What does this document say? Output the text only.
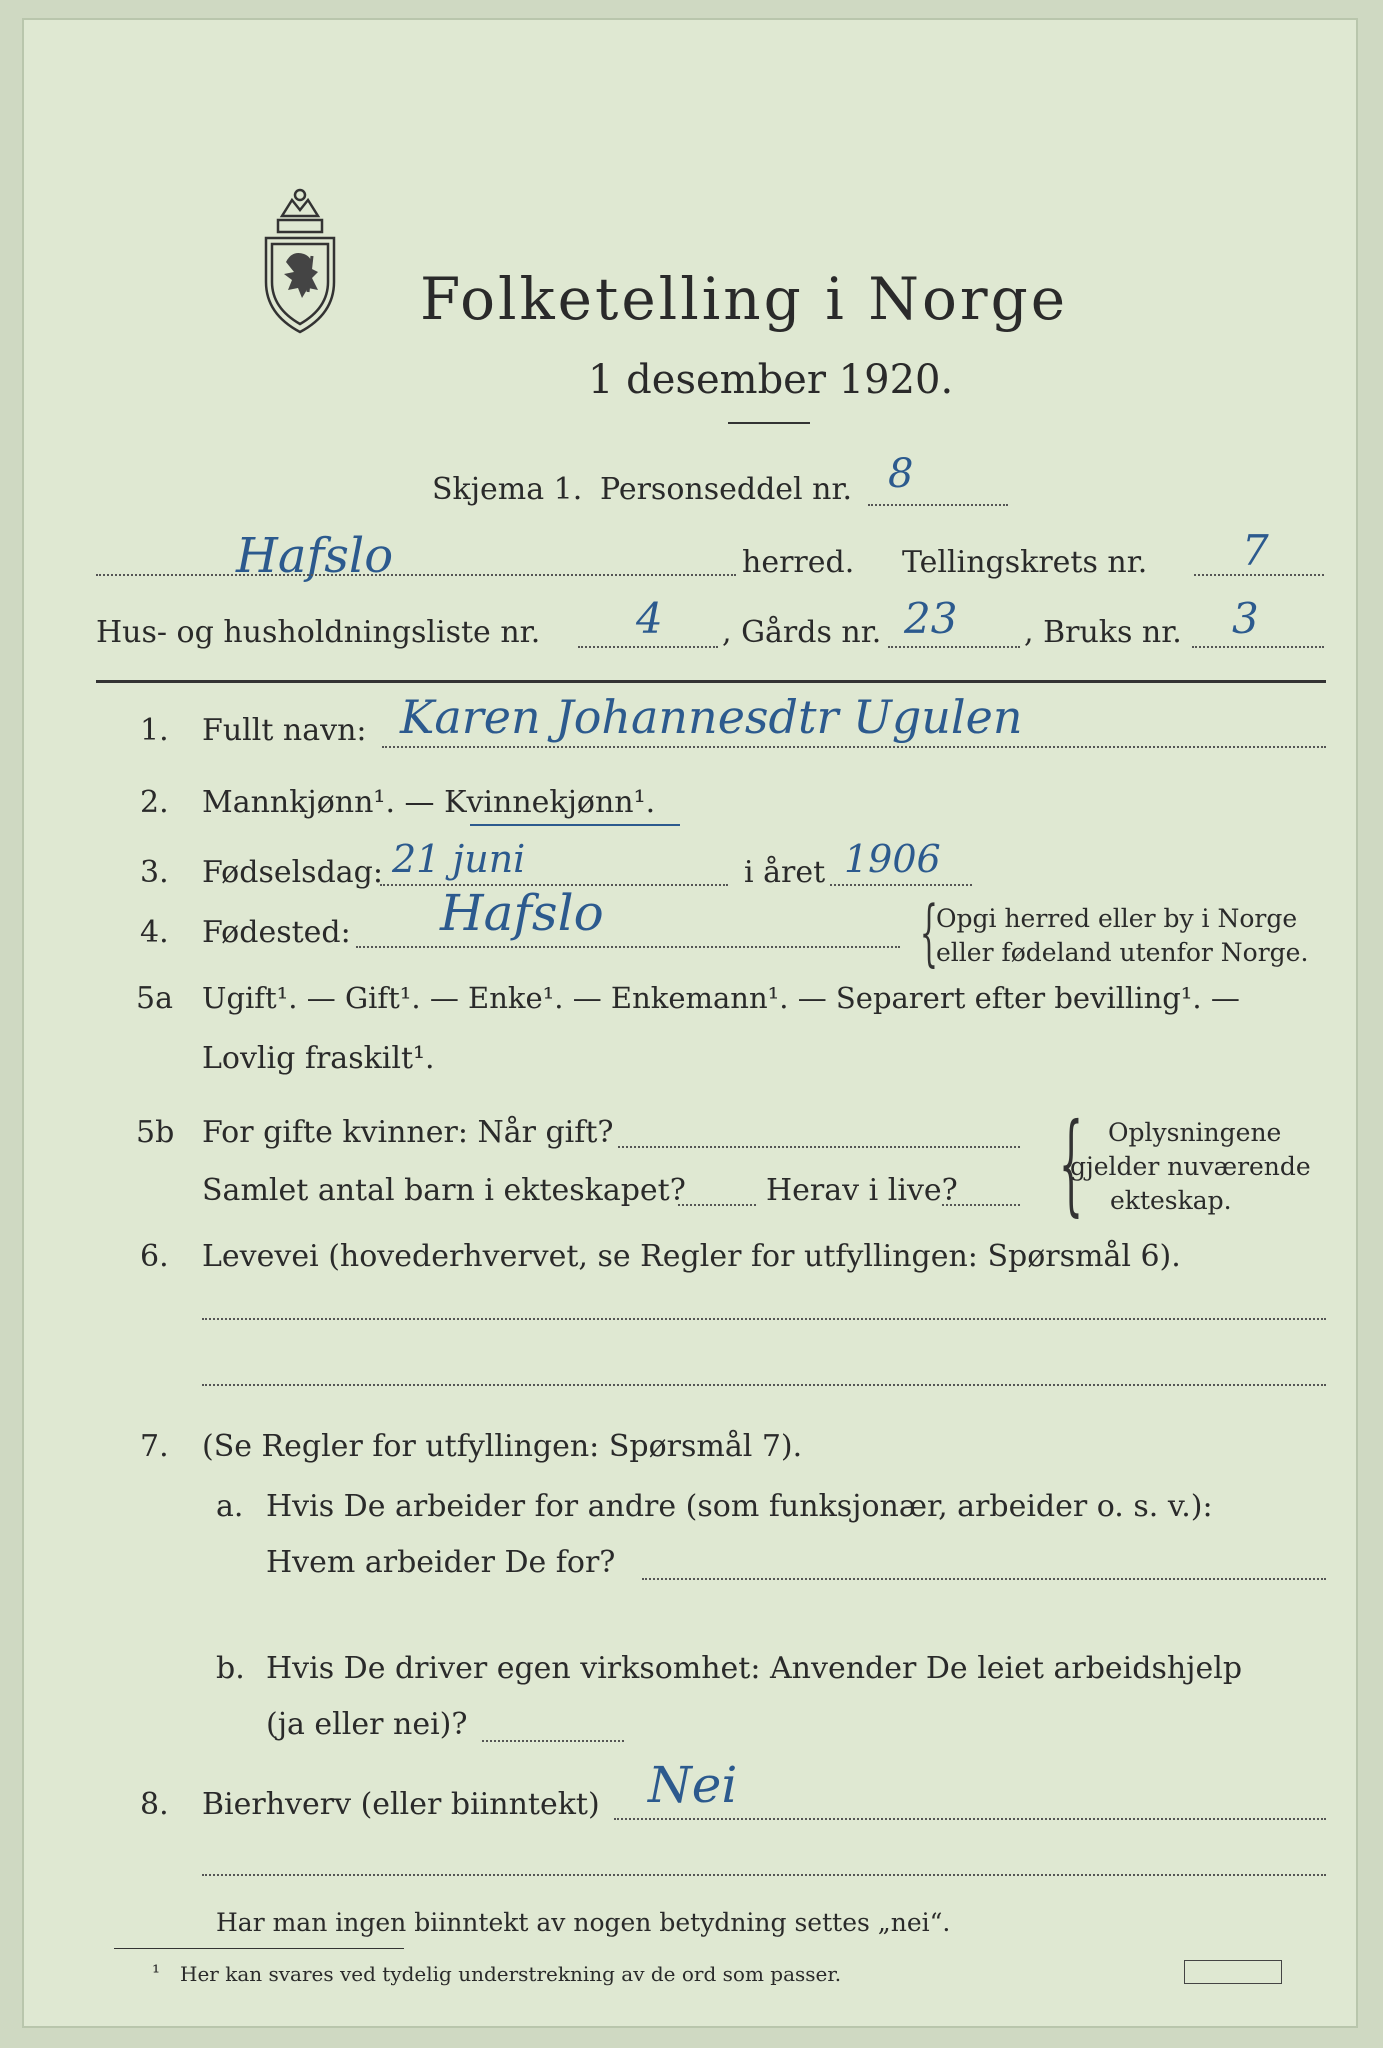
Folketelling i Norge
1 desember 1920.
Skjema 1. Personseddel nr. 8
Hafslo	herred. Tellingskrets nr. 7
Hus- og husholdningsliste nr. 4 , Gårds nr. 23 , Bruks nr. 3
1. Fullt navn: Karen Johannesdtr Ugulen
2. Mannkjønn¹. — Kvinnekjønn¹.
3. Fødselsdag: 21 juni	i året 1906
4. Fødested: Hafslo	{
Opgi herred eller by i Norge
eller fødeland utenfor Norge.
5a Ugift¹. — Gift¹. — Enke¹. — Enkemann¹. — Separert efter bevilling¹. —
Lovlig fraskilt¹.
5b For gifte kvinner: Når gift?
Samlet antal barn i ekteskapet?	Herav i live? { Oplysningene
gjelder nuværende
ekteskap.
6. Levevei (hovederhvervet, se Regler for utfyllingen: Spørsmål 6).
7. (Se Regler for utfyllingen: Spørsmål 7).
a. Hvis De arbeider for andre (som funksjonær, arbeider o. s. v.):
Hvem arbeider De for?
b. Hvis De driver egen virksomhet: Anvender De leiet arbeidshjelp
(ja eller nei)?
8. Bierhverv (eller biinntekt) Nei
Har man ingen biinntekt av nogen betydning settes „nei“.
¹ Her kan svares ved tydelig understrekning av de ord som passer.
